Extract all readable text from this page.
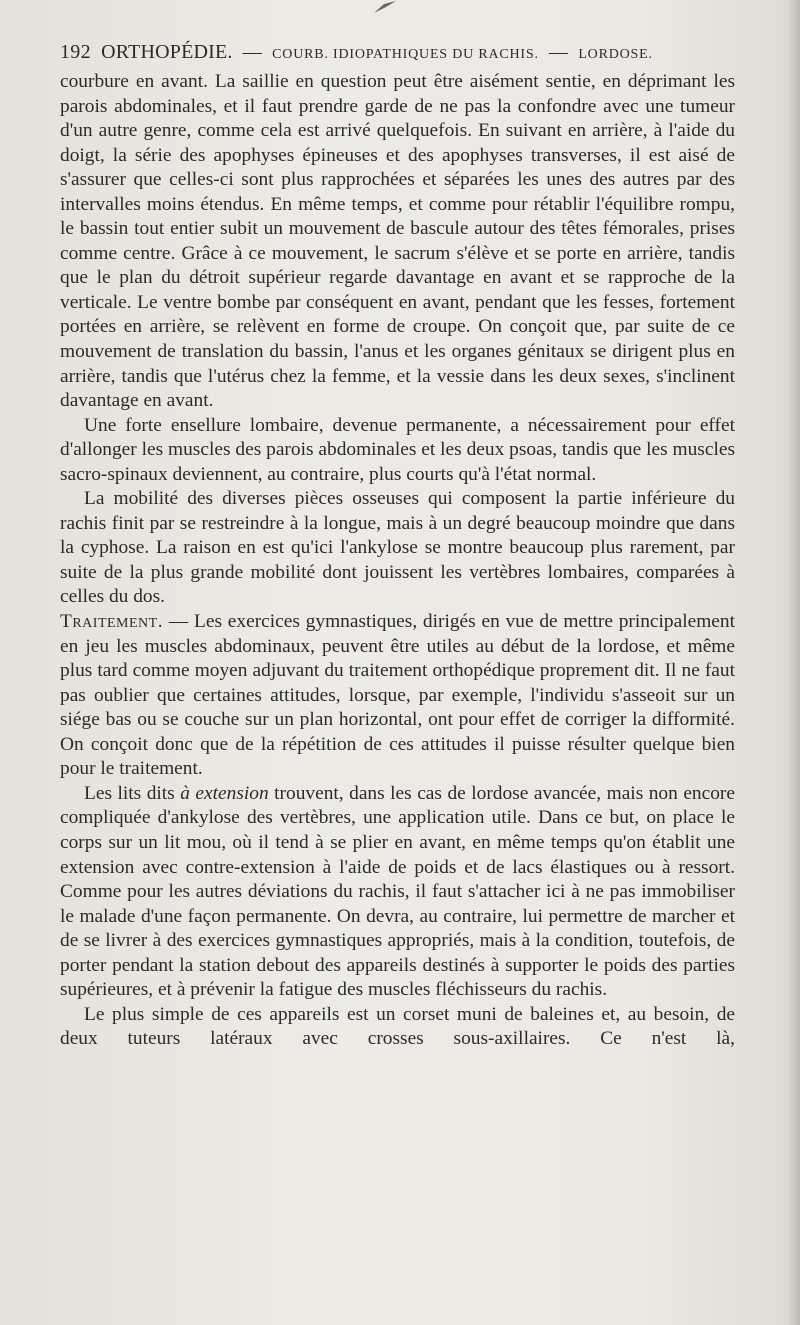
192 ORTHOPÉDIE. — COURB. IDIOPATHIQUES DU RACHIS. — LORDOSE.

courbure en avant. La saillie en question peut être aisément sentie, en déprimant les parois abdominales, et il faut prendre garde de ne pas la confondre avec une tumeur d'un autre genre, comme cela est arrivé quelquefois. En suivant en arrière, à l'aide du doigt, la série des apophyses épineuses et des apophyses transverses, il est aisé de s'assurer que celles-ci sont plus rapprochées et séparées les unes des autres par des intervalles moins étendus. En même temps, et comme pour rétablir l'équilibre rompu, le bassin tout entier subit un mouvement de bascule autour des têtes fémorales, prises comme centre. Grâce à ce mouvement, le sacrum s'élève et se porte en arrière, tandis que le plan du détroit supérieur regarde davantage en avant et se rapproche de la verticale. Le ventre bombe par conséquent en avant, pendant que les fesses, fortement portées en arrière, se relèvent en forme de croupe. On conçoit que, par suite de ce mouvement de translation du bassin, l'anus et les organes génitaux se dirigent plus en arrière, tandis que l'utérus chez la femme, et la vessie dans les deux sexes, s'inclinent davantage en avant.

Une forte ensellure lombaire, devenue permanente, a nécessairement pour effet d'allonger les muscles des parois abdominales et les deux psoas, tandis que les muscles sacro-spinaux deviennent, au contraire, plus courts qu'à l'état normal.

La mobilité des diverses pièces osseuses qui composent la partie inférieure du rachis finit par se restreindre à la longue, mais à un degré beaucoup moindre que dans la cyphose. La raison en est qu'ici l'ankylose se montre beaucoup plus rarement, par suite de la plus grande mobilité dont jouissent les vertèbres lombaires, comparées à celles du dos.

Traitement. — Les exercices gymnastiques, dirigés en vue de mettre principalement en jeu les muscles abdominaux, peuvent être utiles au début de la lordose, et même plus tard comme moyen adjuvant du traitement orthopédique proprement dit. Il ne faut pas oublier que certaines attitudes, lorsque, par exemple, l'individu s'asseoit sur un siége bas ou se couche sur un plan horizontal, ont pour effet de corriger la difformité. On conçoit donc que de la répétition de ces attitudes il puisse résulter quelque bien pour le traitement.

Les lits dits à extension trouvent, dans les cas de lordose avancée, mais non encore compliquée d'ankylose des vertèbres, une application utile. Dans ce but, on place le corps sur un lit mou, où il tend à se plier en avant, en même temps qu'on établit une extension avec contre-extension à l'aide de poids et de lacs élastiques ou à ressort. Comme pour les autres déviations du rachis, il faut s'attacher ici à ne pas immobiliser le malade d'une façon permanente. On devra, au contraire, lui permettre de marcher et de se livrer à des exercices gymnastiques appropriés, mais à la condition, toutefois, de porter pendant la station debout des appareils destinés à supporter le poids des parties supérieures, et à prévenir la fatigue des muscles fléchisseurs du rachis.

Le plus simple de ces appareils est un corset muni de baleines et, au besoin, de deux tuteurs latéraux avec crosses sous-axillaires. Ce n'est là,
